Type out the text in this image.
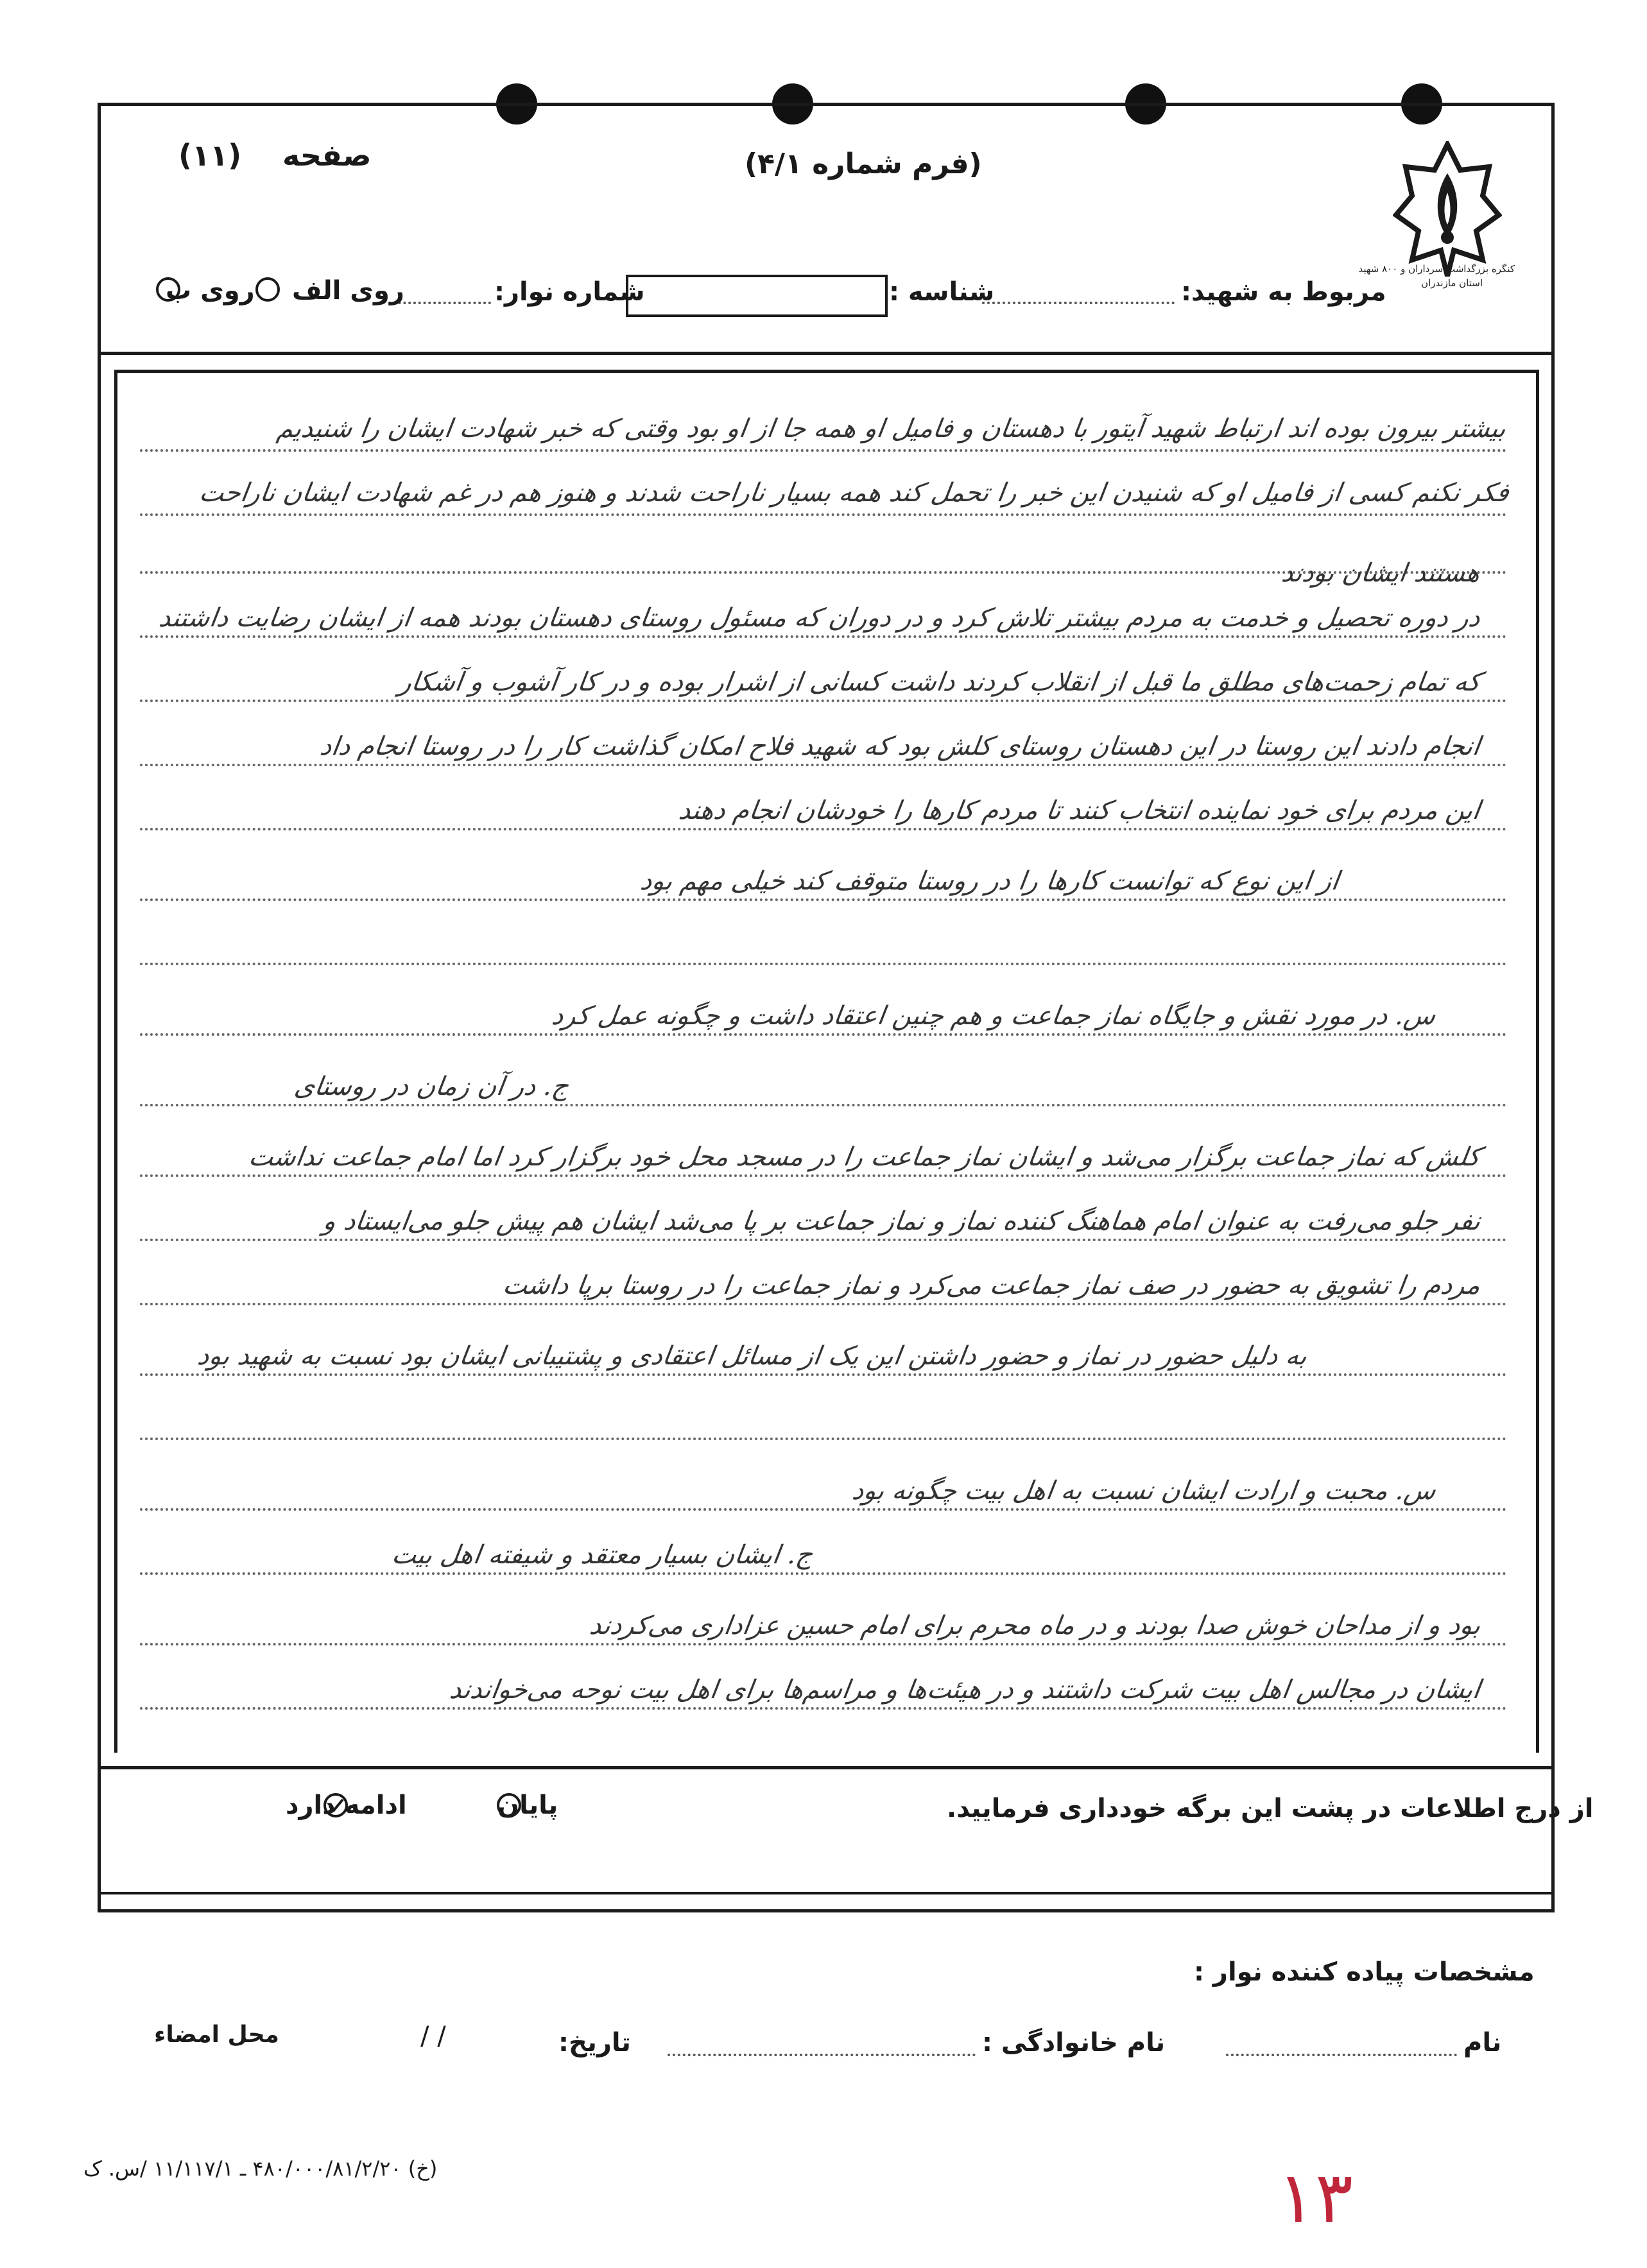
کنگره بزرگداشت سرداران و ۸۰۰ شهید
استان مازندران
صفحه
(۱۱)	(فرم شماره ۴/۱)
مربوط به شهید:
شناسه :
شماره نوار:
روی الف

روی ب

بیشتر بیرون بوده اند ارتباط شهید آیتور با دهستان و فامیل او همه جا از او بود وقتی که خبر شهادت ایشان را شنیدیم
فکر نکنم کسی از فامیل او که شنیدن این خبر را تحمل کند همه بسیار ناراحت شدند و هنوز هم در غم شهادت ایشان ناراحت
هستند ایشان بودند
در دوره تحصیل و خدمت به مردم بیشتر تلاش کرد و در دوران که مسئول روستای دهستان بودند همه از ایشان رضایت داشتند
که تمام زحمت‌های مطلق ما قبل از انقلاب کردند داشت کسانی از اشرار بوده و در کار آشوب و آشکار
انجام دادند این روستا در این دهستان روستای کلش بود که شهید فلاح امکان گذاشت کار را در روستا انجام داد
این مردم برای خود نماینده انتخاب کنند تا مردم کارها را خودشان انجام دهند
از این نوع که توانست کارها را در روستا متوقف کند خیلی مهم بود
س. در مورد نقش و جایگاه نماز جماعت و هم چنین اعتقاد داشت و چگونه عمل کرد
ج. در آن زمان در روستای
کلش که نماز جماعت برگزار می‌شد و ایشان نماز جماعت را در مسجد محل خود برگزار کرد اما امام جماعت نداشت
نفر جلو می‌رفت به عنوان امام هماهنگ کننده نماز و نماز جماعت بر پا می‌شد ایشان هم پیش جلو می‌ایستاد و
مردم را تشویق به حضور در صف نماز جماعت می‌کرد و نماز جماعت را در روستا برپا داشت
به دلیل حضور در نماز و حضور داشتن این یک از مسائل اعتقادی و پشتیبانی ایشان بود نسبت به شهید بود
س. محبت و ارادت ایشان نسبت به اهل بیت چگونه بود
ج. ایشان بسیار معتقد و شیفته اهل بیت
بود و از مداحان خوش صدا بودند و در ماه محرم برای امام حسین عزاداری می‌کردند
ایشان در مجالس اهل بیت شرکت داشتند و در هیئت‌ها و مراسم‌ها برای اهل بیت نوحه می‌خواندند
از درج اطلاعات در پشت این برگه خودداری فرمایید.
پایان

ادامه دارد
مشخصات پیاده کننده نوار :
نام
نام خانوادگی :
تاریخ:
/ /
محل امضاء
(خ) ۴۸۰/۰۰۰/۸۱/۲/۲۰ ـ ۱۱/۱۱۷/۱ /س. ک	۱۳
